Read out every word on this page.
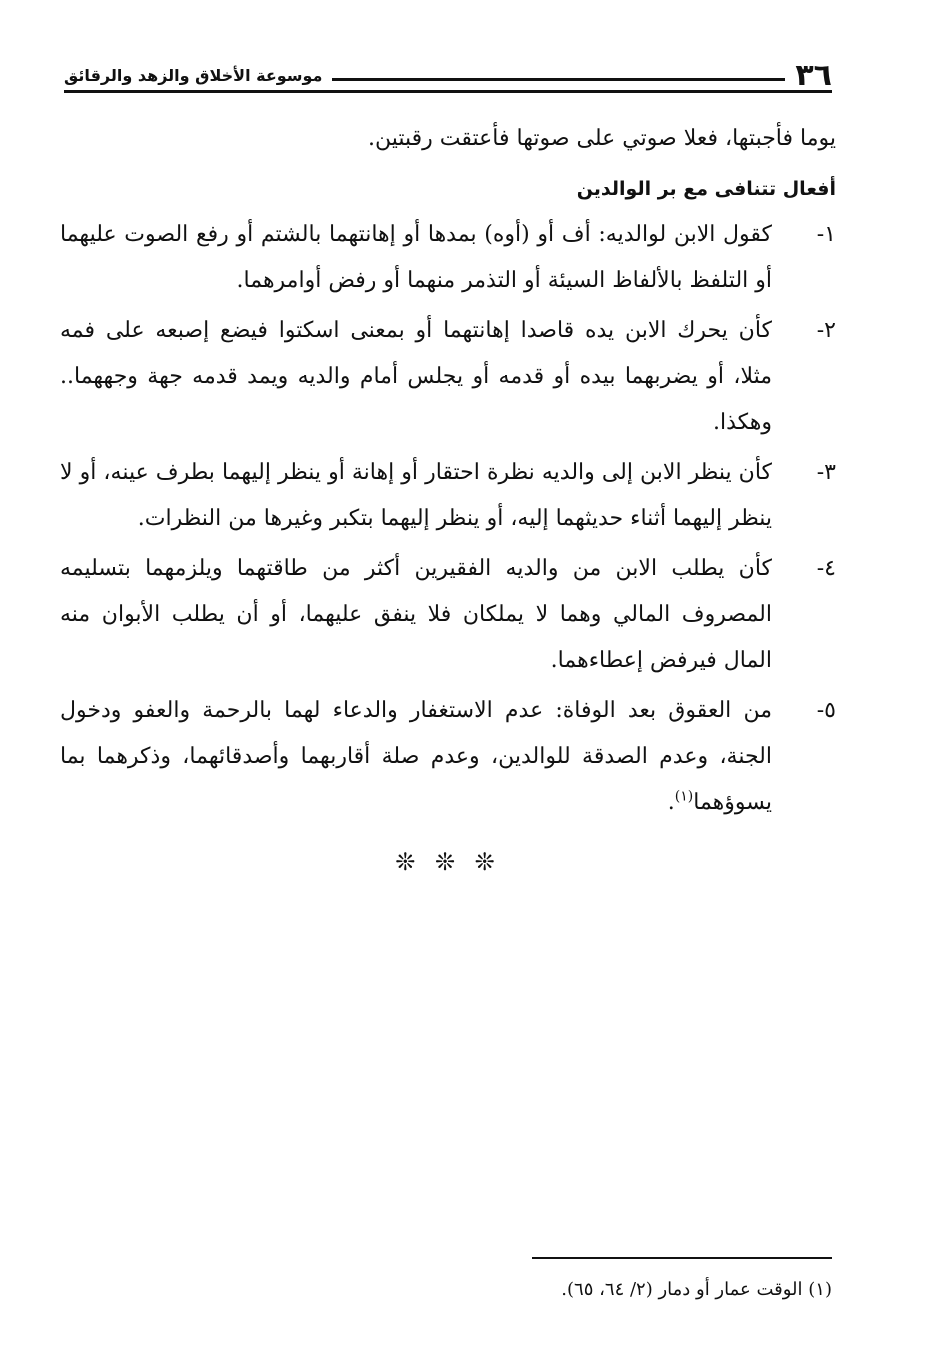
٣٦
موسوعة الأخلاق والزهد والرقائق

يوما فأجبتها، فعلا صوتي على صوتها فأعتقت رقبتين.

أفعال تتنافى مع بر الوالدين
١-
كقول الابن لوالديه: أف أو (أوه) بمدها أو إهانتهما بالشتم أو رفع الصوت عليهما أو التلفظ بالألفاظ السيئة أو التذمر منهما أو رفض أوامرهما.
٢-
كأن يحرك الابن يده قاصدا إهانتهما أو بمعنى اسكتوا فيضع إصبعه على فمه مثلا، أو يضربهما بيده أو قدمه أو يجلس أمام والديه ويمد قدمه جهة وجههما.. وهكذا.
٣-
كأن ينظر الابن إلى والديه نظرة احتقار أو إهانة أو ينظر إليهما بطرف عينه، أو لا ينظر إليهما أثناء حديثهما إليه، أو ينظر إليهما بتكبر وغيرها من النظرات.
٤-
كأن يطلب الابن من والديه الفقيرين أكثر من طاقتهما ويلزمهما بتسليمه المصروف المالي وهما لا يملكان فلا ينفق عليهما، أو أن يطلب الأبوان منه المال فيرفض إعطاءهما.
٥-
من العقوق بعد الوفاة: عدم الاستغفار والدعاء لهما بالرحمة والعفو ودخول الجنة، وعدم الصدقة للوالدين، وعدم صلة أقاربهما وأصدقائهما، وذكرهما بما يسوؤهما$^{(١)}$.
❊ ❊ ❊
(١) الوقت عمار أو دمار (٢/ ٦٤، ٦٥).
